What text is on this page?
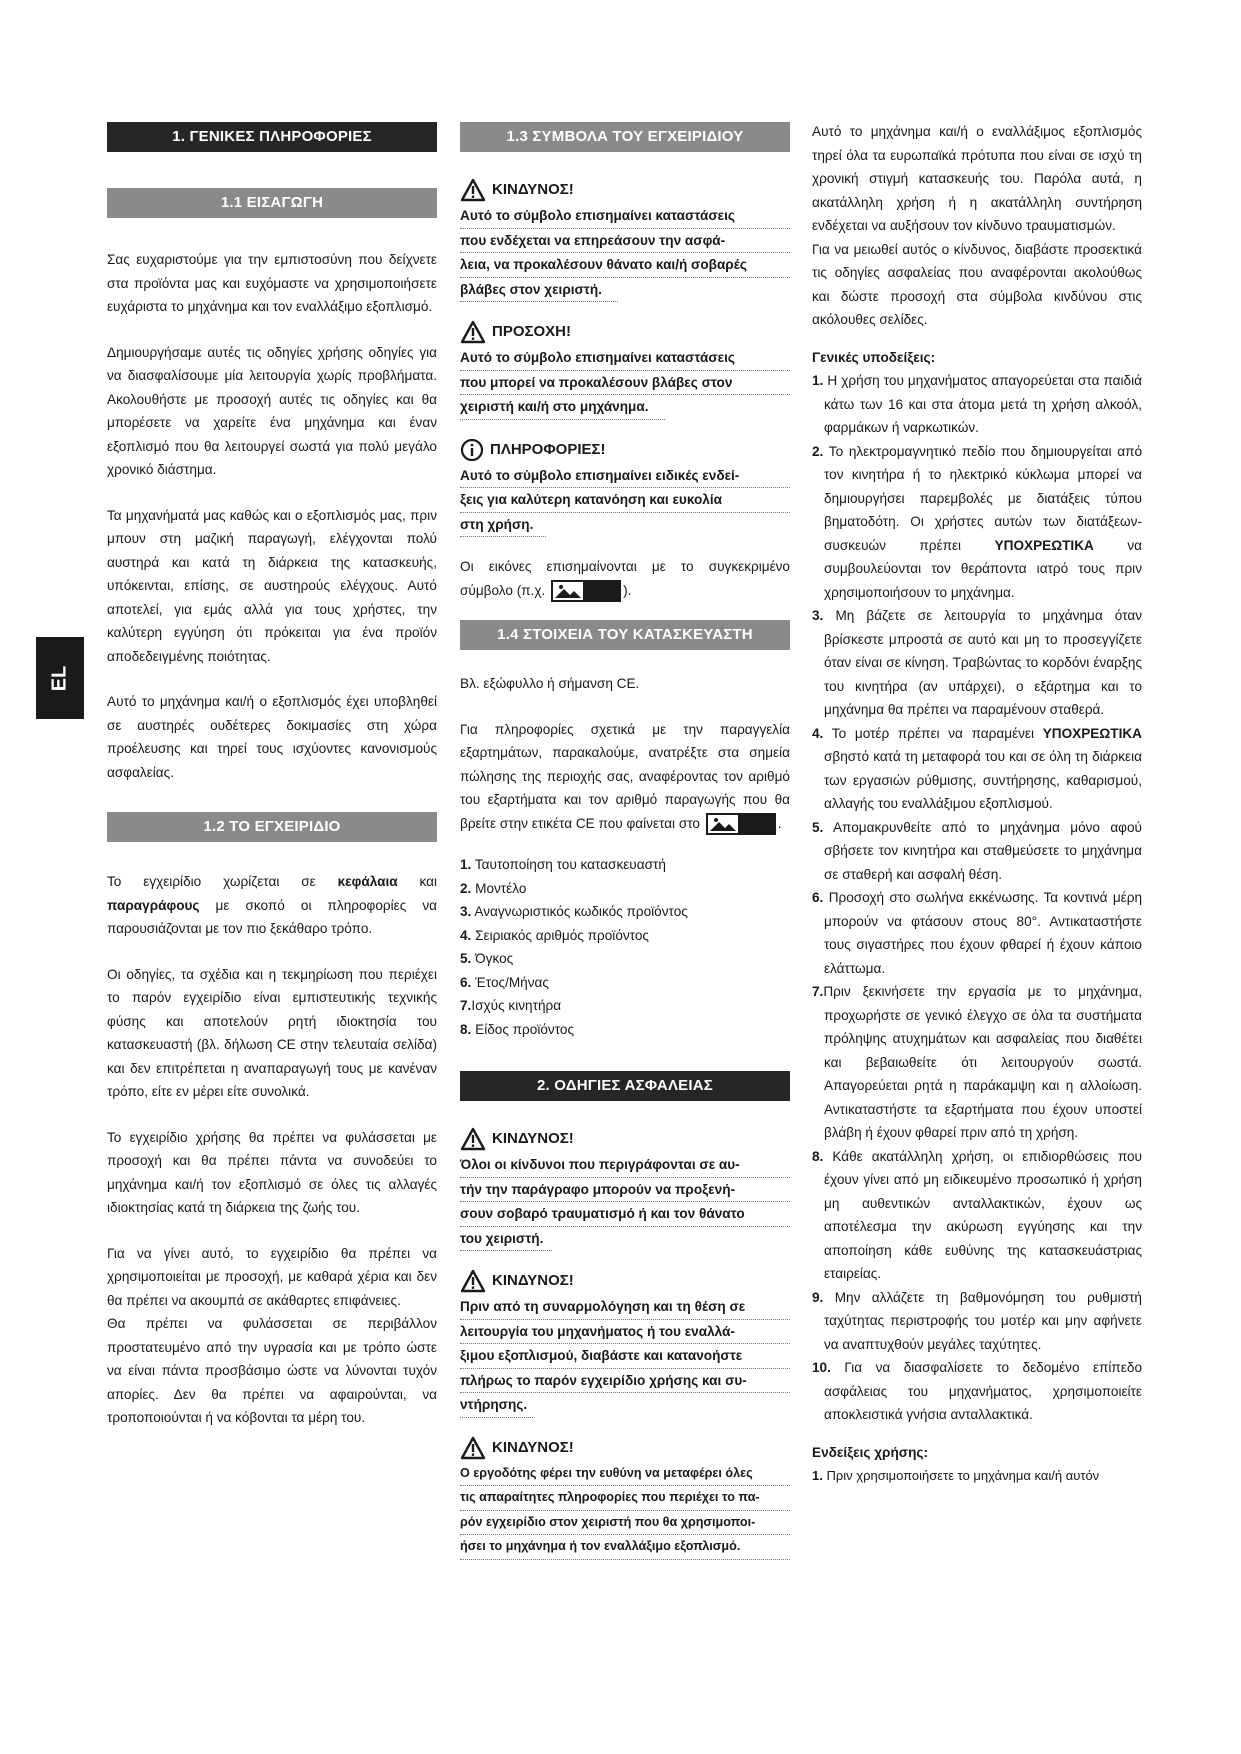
EL
1. ΓΕΝΙΚΕΣ ΠΛΗΡΟΦΟΡΙΕΣ
1.1 ΕΙΣΑΓΩΓΗ

Σας ευχαριστούμε για την εμπιστοσύνη που δείχνετε στα προϊόντα μας και ευχόμαστε να χρησιμοποιήσετε ευχάριστα το μηχάνημα και τον εναλλάξιμο εξοπλισμό.

Δημιουργήσαμε αυτές τις οδηγίες χρήσης οδηγίες για να διασφαλίσουμε μία λειτουργία χωρίς προβλήματα. Ακολουθήστε με προσοχή αυτές τις οδηγίες και θα μπορέσετε να χαρείτε ένα μηχάνημα και έναν εξοπλισμό που θα λειτουργεί σωστά για πολύ μεγάλο χρονικό διάστημα.

Τα μηχανήματά μας καθώς και ο εξοπλισμός μας, πριν μπουν στη μαζική παραγωγή, ελέγχονται πολύ αυστηρά και κατά τη διάρκεια της κατασκευής, υπόκεινται, επίσης, σε αυστηρούς ελέγχους. Αυτό αποτελεί, για εμάς αλλά για τους χρήστες, την καλύτερη εγγύηση ότι πρόκειται για ένα προϊόν αποδεδειγμένης ποιότητας.

Αυτό το μηχάνημα και/ή ο εξοπλισμός έχει υποβληθεί σε αυστηρές ουδέτερες δοκιμασίες στη χώρα προέλευσης και τηρεί τους ισχύοντες κανονισμούς ασφαλείας.

1.2 ΤΟ ΕΓΧΕΙΡΙΔΙΟ

Το εγχειρίδιο χωρίζεται σε κεφάλαια και παραγράφους με σκοπό οι πληροφορίες να παρουσιάζονται με τον πιο ξεκάθαρο τρόπο.

Οι οδηγίες, τα σχέδια και η τεκμηρίωση που περιέχει το παρόν εγχειρίδιο είναι εμπιστευτικής τεχνικής φύσης και αποτελούν ρητή ιδιοκτησία του κατασκευαστή (βλ. δήλωση CE στην τελευταία σελίδα) και δεν επιτρέπεται η αναπαραγωγή τους με κανέναν τρόπο, είτε εν μέρει είτε συνολικά.

Το εγχειρίδιο χρήσης θα πρέπει να φυλάσσεται με προσοχή και θα πρέπει πάντα να συνοδεύει το μηχάνημα και/ή τον εξοπλισμό σε όλες τις αλλαγές ιδιοκτησίας κατά τη διάρκεια της ζωής του.

Για να γίνει αυτό, το εγχειρίδιο θα πρέπει να χρησιμοποιείται με προσοχή, με καθαρά χέρια και δεν θα πρέπει να ακουμπά σε ακάθαρτες επιφάνειες.

Θα πρέπει να φυλάσσεται σε περιβάλλον προστατευμένο από την υγρασία και με τρόπο ώστε να είναι πάντα προσβάσιμο ώστε να λύνονται τυχόν απορίες. Δεν θα πρέπει να αφαιρούνται, να τροποποιούνται ή να κόβονται τα μέρη του.

1.3 ΣΥΜΒΟΛΑ ΤΟΥ ΕΓΧΕΙΡΙΔΙΟΥ
ΚΙΝΔΥΝΟΣ!
Αυτό το σύμβολο επισημαίνει καταστάσεις
που ενδέχεται να επηρεάσουν την ασφά-
λεια, να προκαλέσουν θάνατο και/ή σοβαρές
βλάβες στον χειριστή.
ΠΡΟΣΟΧΗ!
Αυτό το σύμβολο επισημαίνει καταστάσεις
που μπορεί να προκαλέσουν βλάβες στον
χειριστή και/ή στο μηχάνημα.
ΠΛΗΡΟΦΟΡΙΕΣ!
Αυτό το σύμβολο επισημαίνει ειδικές ενδεί-
ξεις για καλύτερη κατανόηση και ευκολία
στη χρήση.

Οι εικόνες επισημαίνονται με το συγκεκριμένο σύμβολο (π.χ.	).

1.4 ΣΤΟΙΧΕΙΑ ΤΟΥ ΚΑΤΑΣΚΕΥΑΣΤΗ

Βλ. εξώφυλλο ή σήμανση CE.

Για πληροφορίες σχετικά με την παραγγελία εξαρτημάτων, παρακαλούμε, ανατρέξτε στα σημεία πώλησης της περιοχής σας, αναφέροντας τον αριθμό του εξαρτήματα και τον αριθμό παραγωγής που θα βρείτε στην ετικέτα CE που φαίνεται στο	.

1. Ταυτοποίηση του κατασκευαστή
2. Μοντέλο
3. Αναγνωριστικός κωδικός προϊόντος
4. Σειριακός αριθμός προϊόντος
5. Όγκος
6. Έτος/Μήνας
7.Ισχύς κινητήρα
8. Είδος προϊόντος
2. ΟΔΗΓΙΕΣ ΑΣΦΑΛΕΙΑΣ
ΚΙΝΔΥΝΟΣ!
Όλοι οι κίνδυνοι που περιγράφονται σε αυ-
τήν την παράγραφο μπορούν να προξενή-
σουν σοβαρό τραυματισμό ή και τον θάνατο
του χειριστή.
ΚΙΝΔΥΝΟΣ!
Πριν από τη συναρμολόγηση και τη θέση σε
λειτουργία του μηχανήματος ή του εναλλά-
ξιμου εξοπλισμού, διαβάστε και κατανοήστε
πλήρως το παρόν εγχειρίδιο χρήσης και συ-
ντήρησης.
ΚΙΝΔΥΝΟΣ!
Ο εργοδότης φέρει την ευθύνη να μεταφέρει όλες
τις απαραίτητες πληροφορίες που περιέχει το πα-
ρόν εγχειρίδιο στον χειριστή που θα χρησιμοποι-
ήσει το μηχάνημα ή τον εναλλάξιμο εξοπλισμό.

Αυτό το μηχάνημα και/ή ο εναλλάξιμος εξοπλισμός τηρεί όλα τα ευρωπαϊκά πρότυπα που είναι σε ισχύ τη χρονική στιγμή κατασκευής του. Παρόλα αυτά, η ακατάλληλη χρήση ή η ακατάλληλη συντήρηση ενδέχεται να αυξήσουν τον κίνδυνο τραυματισμών.

Για να μειωθεί αυτός ο κίνδυνος, διαβάστε προσεκτικά τις οδηγίες ασφαλείας που αναφέρονται ακολούθως και δώστε προσοχή στα σύμβολα κινδύνου στις ακόλουθες σελίδες.

Γενικές υποδείξεις:

1. Η χρήση του μηχανήματος απαγορεύεται στα παιδιά κάτω των 16 και στα άτομα μετά τη χρήση αλκοόλ, φαρμάκων ή ναρκωτικών.

2. Το ηλεκτρομαγνητικό πεδίο που δημιουργείται από τον κινητήρα ή το ηλεκτρικό κύκλωμα μπορεί να δημιουργήσει παρεμβολές με διατάξεις τύπου βηματοδότη. Οι χρήστες αυτών των διατάξεων-συσκευών πρέπει ΥΠΟΧΡΕΩΤΙΚΑ να συμβουλεύονται τον θεράποντα ιατρό τους πριν χρησιμοποιήσουν το μηχάνημα.

3. Μη βάζετε σε λειτουργία το μηχάνημα όταν βρίσκεστε μπροστά σε αυτό και μη το προσεγγίζετε όταν είναι σε κίνηση. Τραβώντας το κορδόνι έναρξης του κινητήρα (αν υπάρχει), ο εξάρτημα και το μηχάνημα θα πρέπει να παραμένουν σταθερά.

4. Το μοτέρ πρέπει να παραμένει ΥΠΟΧΡΕΩΤΙΚΑ σβηστό κατά τη μεταφορά του και σε όλη τη διάρκεια των εργασιών ρύθμισης, συντήρησης, καθαρισμού, αλλαγής του εναλλάξιμου εξοπλισμού.

5. Απομακρυνθείτε από το μηχάνημα μόνο αφού σβήσετε τον κινητήρα και σταθμεύσετε το μηχάνημα σε σταθερή και ασφαλή θέση.

6. Προσοχή στο σωλήνα εκκένωσης. Τα κοντινά μέρη μπορούν να φτάσουν στους 80°. Αντικαταστήστε τους σιγαστήρες που έχουν φθαρεί ή έχουν κάποιο ελάττωμα.

7.Πριν ξεκινήσετε την εργασία με το μηχάνημα, προχωρήστε σε γενικό έλεγχο σε όλα τα συστήματα πρόληψης ατυχημάτων και ασφαλείας που διαθέτει και βεβαιωθείτε ότι λειτουργούν σωστά. Απαγορεύεται ρητά η παράκαμψη και η αλλοίωση. Αντικαταστήστε τα εξαρτήματα που έχουν υποστεί βλάβη ή έχουν φθαρεί πριν από τη χρήση.

8. Κάθε ακατάλληλη χρήση, οι επιδιορθώσεις που έχουν γίνει από μη ειδικευμένο προσωπικό ή χρήση μη αυθεντικών ανταλλακτικών, έχουν ως αποτέλεσμα την ακύρωση εγγύησης και την αποποίηση κάθε ευθύνης της κατασκευάστριας εταιρείας.

9. Μην αλλάζετε τη βαθμονόμηση του ρυθμιστή ταχύτητας περιστροφής του μοτέρ και μην αφήνετε να αναπτυχθούν μεγάλες ταχύτητες.

10. Για να διασφαλίσετε το δεδομένο επίπεδο ασφάλειας του μηχανήματος, χρησιμοποιείτε αποκλειστικά γνήσια ανταλλακτικά.

Ενδείξεις χρήσης:

1. Πριν χρησιμοποιήσετε το μηχάνημα και/ή αυτόν
